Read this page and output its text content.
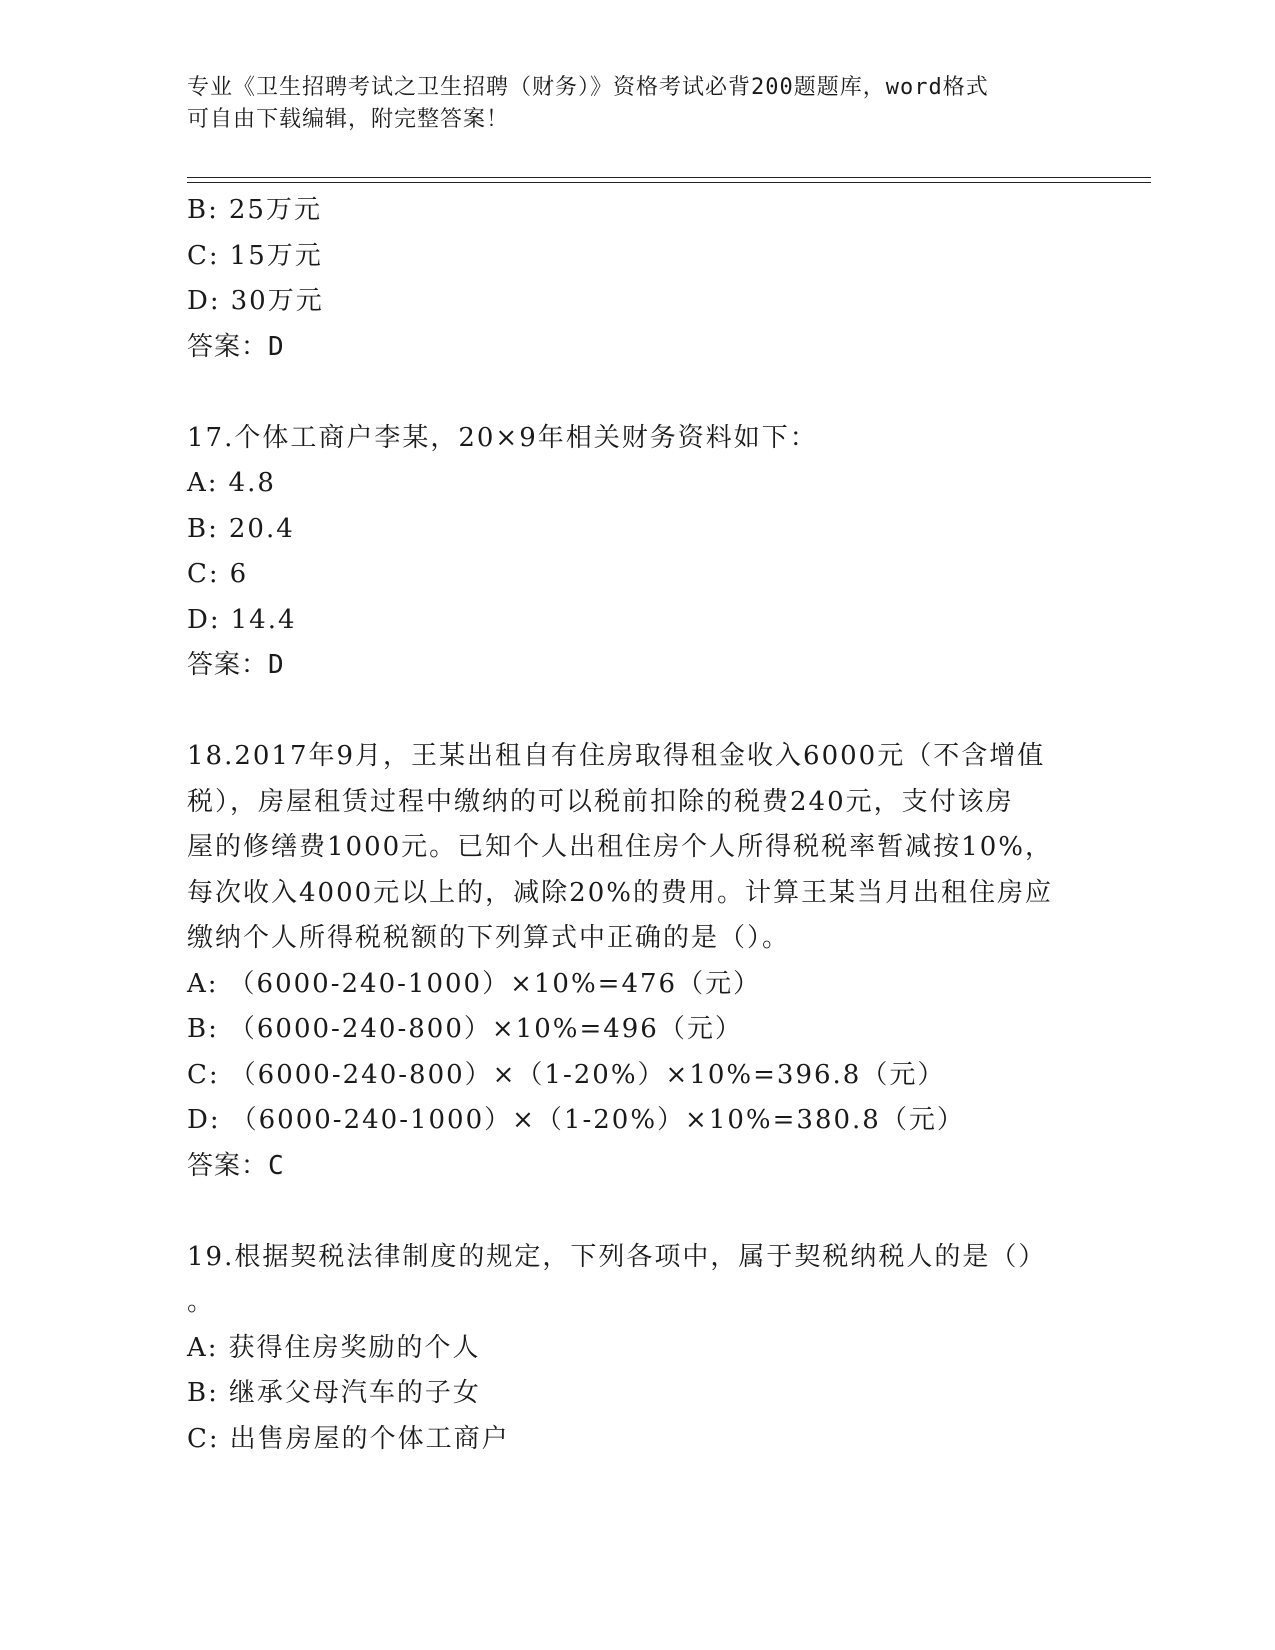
专业《卫生招聘考试之卫生招聘（财务）》资格考试必背200题题库，word格式
可自由下载编辑，附完整答案！
B: 25万元
C: 15万元
D: 30万元
答案：D
17.个体工商户李某，20×9年相关财务资料如下：
A: 4.8
B: 20.4
C: 6
D: 14.4
答案：D
18.2017年9月，王某出租自有住房取得租金收入6000元（不含增值
税），房屋租赁过程中缴纳的可以税前扣除的税费240元，支付该房
屋的修缮费1000元。已知个人出租住房个人所得税税率暂减按10%，
每次收入4000元以上的，减除20%的费用。计算王某当月出租住房应
缴纳个人所得税税额的下列算式中正确的是（）。
A: （6000-240-1000）×10%=476（元）
B: （6000-240-800）×10%=496（元）
C: （6000-240-800）×（1-20%）×10%=396.8（元）
D: （6000-240-1000）×（1-20%）×10%=380.8（元）
答案：C
19.根据契税法律制度的规定，下列各项中，属于契税纳税人的是（）
。
A: 获得住房奖励的个人
B: 继承父母汽车的子女
C: 出售房屋的个体工商户
